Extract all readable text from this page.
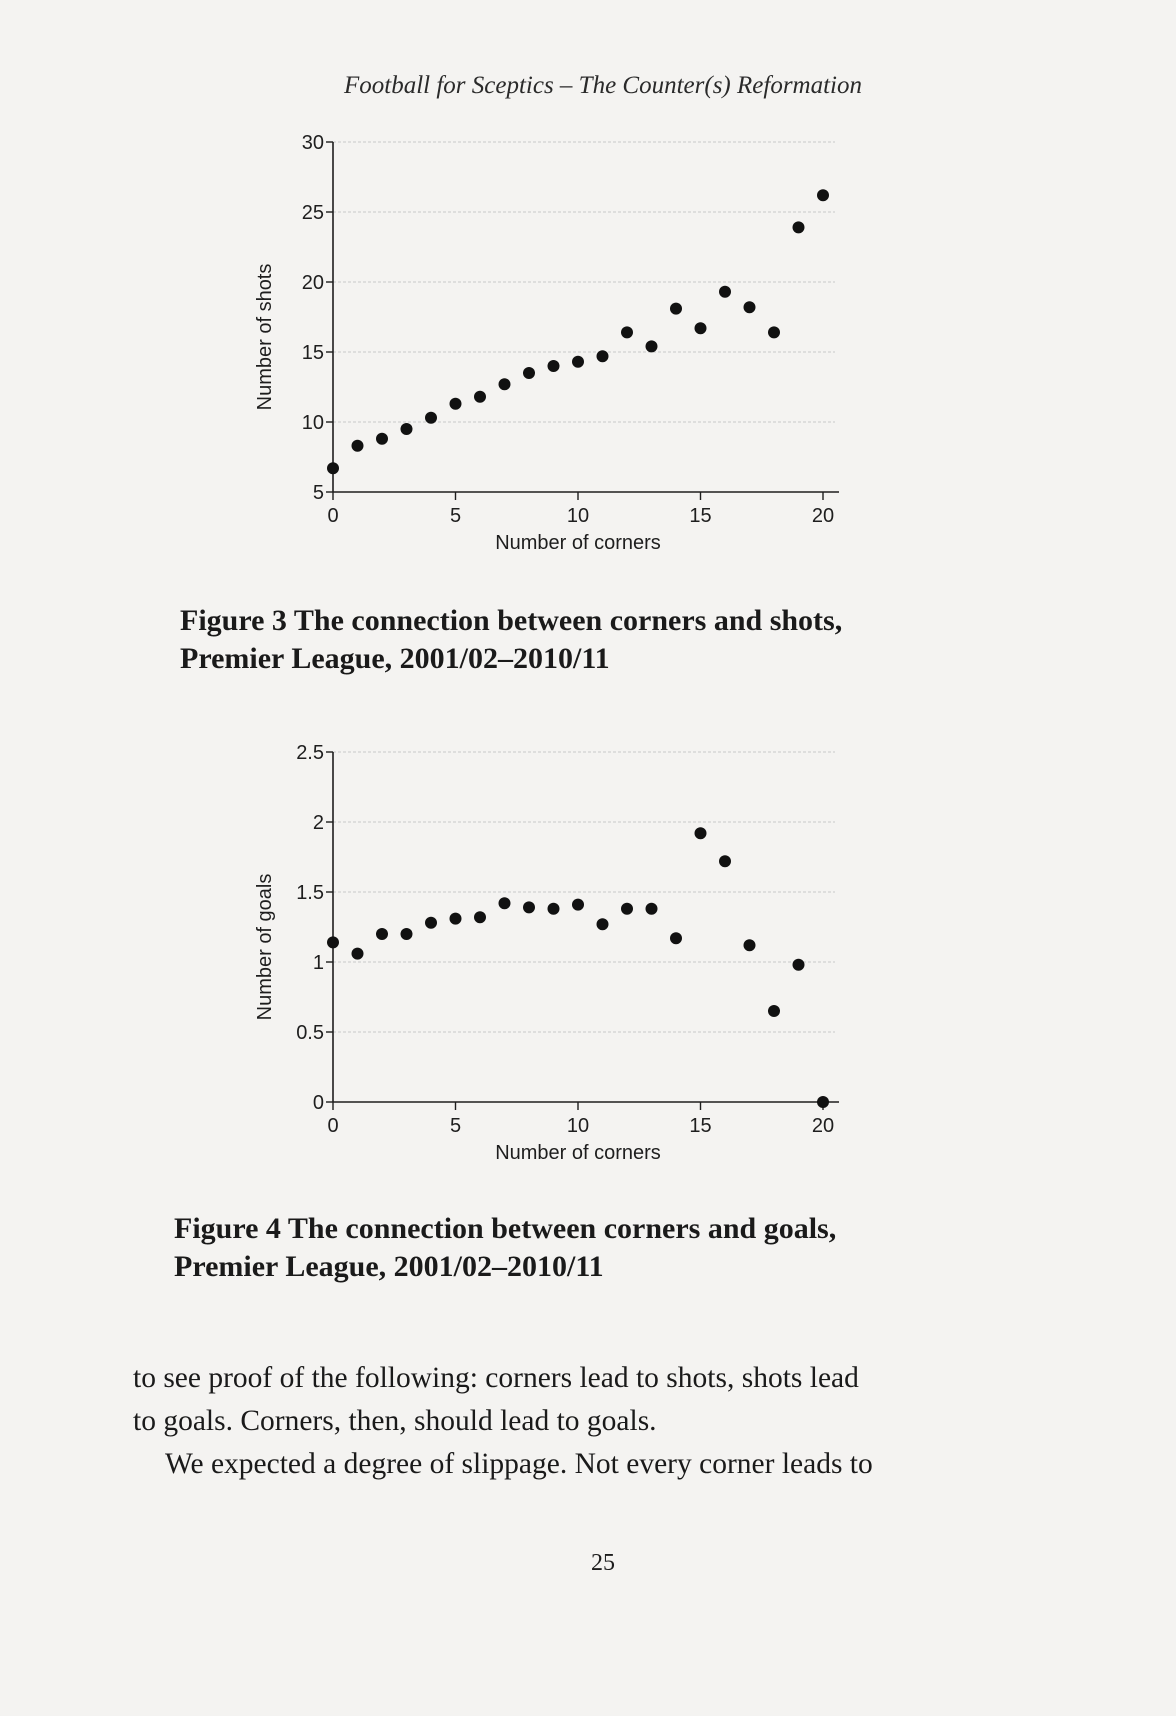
Football for Sceptics – The Counter(s) Reformation
5
10
15
20
25
30
0	5	10	15	20
Number of corners
Number of shots
Figure 3 The connection between corners and shots,
Premier League, 2001/02–2010/11
0
0.5
1
1.5
2
2.5
0	5	10	15	20
Number of corners
Number of goals
Figure 4 The connection between corners and goals,
Premier League, 2001/02–2010/11

to see proof of the following: corners lead to shots, shots lead

to goals. Corners, then, should lead to goals.

We expected a degree of slippage. Not every corner leads to

25
